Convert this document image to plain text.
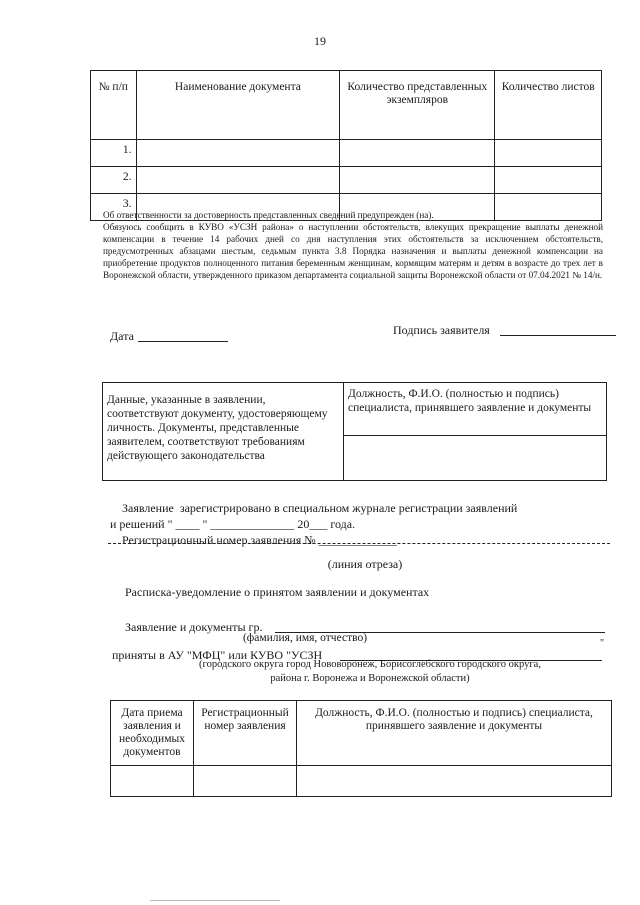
19
№ п/п	Наименование документа	Количество представленных экземпляров	Количество листов
1.			
2.			
3.			

Об ответственности за достоверность представленных сведений предупрежден (на).

Обязуюсь сообщить в КУВО «УСЗН района» о наступлении обстоятельств, влекущих прекращение выплаты денежной компенсации в течение 14 рабочих дней со дня наступления этих обстоятельств за исключением обстоятельств, предусмотренных абзацами шестым, седьмым пункта 3.8 Порядка назначения и выплаты денежной компенсации на приобретение продуктов полноценного питания беременным женщинам, кормящим матерям и детям в возрасте до трех лет в Воронежской области, утвержденного приказом департамента социальной защиты Воронежской области от 07.04.2021 № 14/н.

Дата	Подпись заявителя
Данные, указанные в заявлении, соответствуют документу, удостоверяющему личность. Документы, представленные заявителем, соответствуют требованиям действующего законодательства	Должность, Ф.И.О. (полностью и подпись) специалиста, принявшего заявление и документы

Заявление  зарегистрировано в специальном журнале регистрации заявлений
и решений " ____ " ______________ 20___ года.
Регистрационный номер заявления № _____________.
(линия отреза)
Расписка-уведомление о принятом заявлении и документах
Заявление и документы гр.
(фамилия, имя, отчество)
приняты в АУ "МФЦ" или КУВО "УСЗН
"
(городского округа город Нововоронеж, Борисоглебского городского округа,
района г. Воронежа и Воронежской области)
Дата приема заявления и необходимых документов	Регистрационный номер заявления	Должность, Ф.И.О. (полностью и подпись) специалиста, принявшего заявление и документы
